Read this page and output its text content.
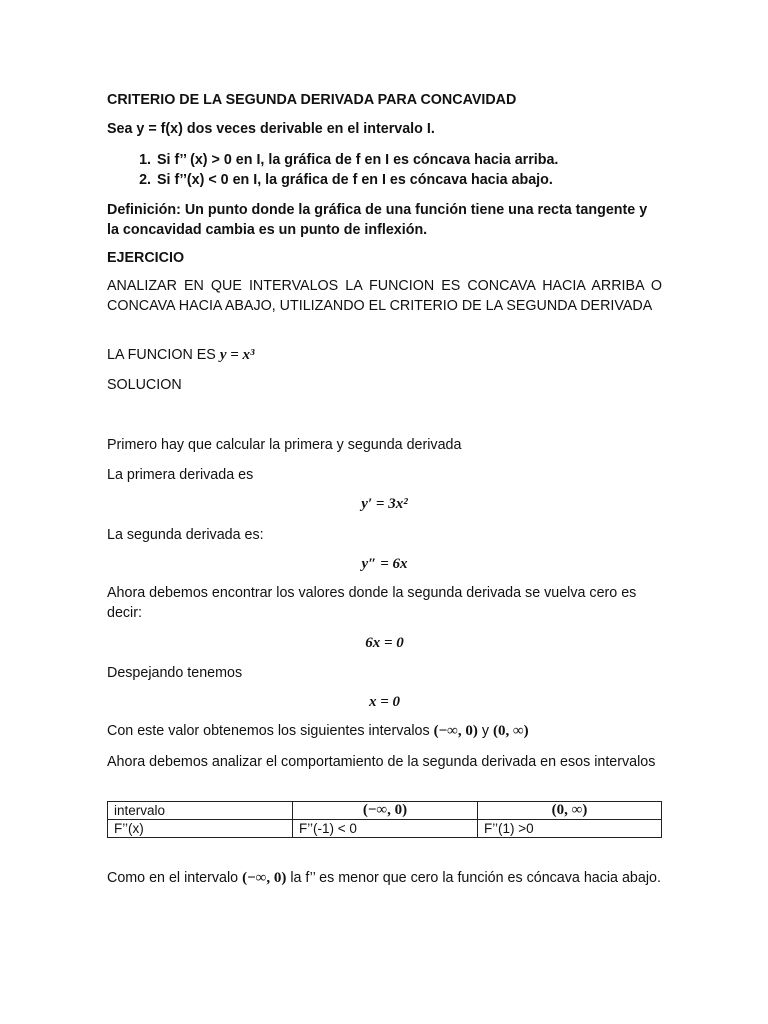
CRITERIO DE LA SEGUNDA DERIVADA PARA CONCAVIDAD

Sea y = f(x) dos veces derivable en el intervalo I.

1. Si f’’ (x) > 0 en I, la gráfica de f en I es cóncava hacia arriba.
2. Si f’’(x) < 0 en I, la gráfica de f en I es cóncava hacia abajo.

Definición: Un punto donde la gráfica de una función tiene una recta tangente y la concavidad cambia es un punto de inflexión.

EJERCICIO

ANALIZAR EN QUE INTERVALOS LA FUNCION ES CONCAVA HACIA ARRIBA O CONCAVA HACIA ABAJO, UTILIZANDO EL CRITERIO DE LA SEGUNDA DERIVADA

LA FUNCION ES y = x³

SOLUCION

Primero hay que calcular la primera y segunda derivada

La primera derivada es

y′ = 3x²

La segunda derivada es:

y″ = 6x

Ahora debemos encontrar los valores donde la segunda derivada se vuelva cero es decir:

6x = 0

Despejando tenemos

x = 0

Con este valor obtenemos los siguientes intervalos (−∞, 0) y (0, ∞)

Ahora debemos analizar el comportamiento de la segunda derivada en esos intervalos

intervalo	(−∞, 0)	(0, ∞)
F’’(x)	F’’(-1) < 0	F’’(1) >0

Como en el intervalo (−∞, 0) la f’’ es menor que cero la función es cóncava hacia abajo.
